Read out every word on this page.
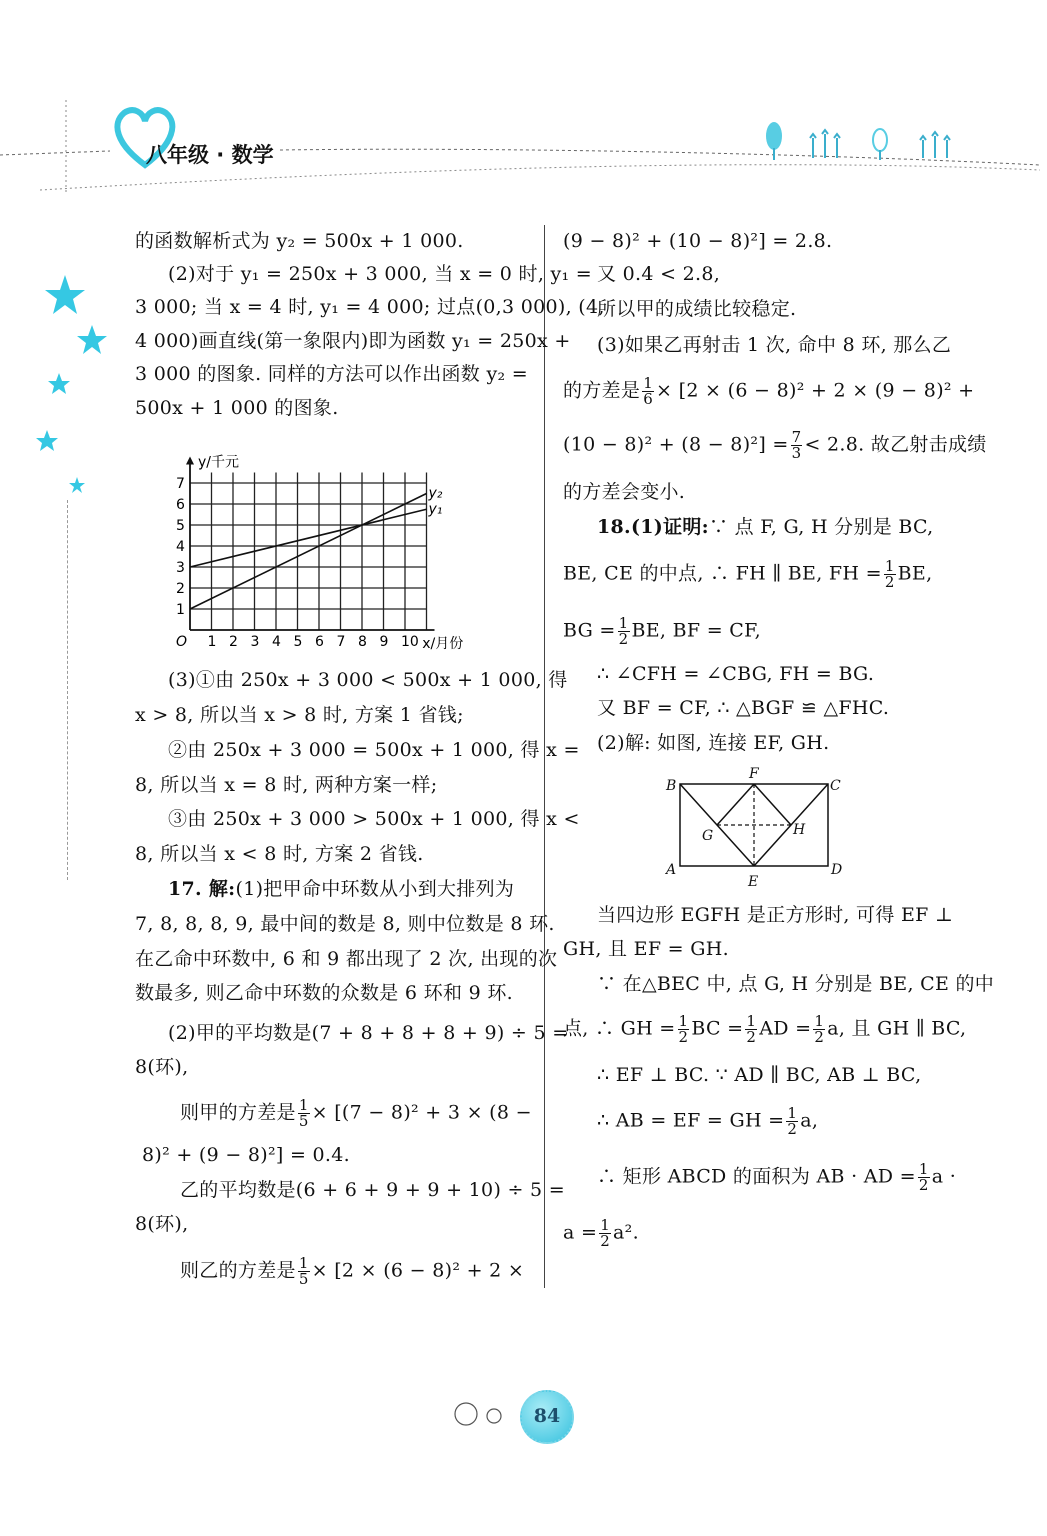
八年级 · 数学
的函数解析式为 y₂ = 500x + 1 000.
(2)对于 y₁ = 250x + 3 000, 当 x = 0 时, y₁ =
3 000; 当 x = 4 时, y₁ = 4 000; 过点(0,3 000), (4,
4 000)画直线(第一象限内)即为函数 y₁ = 250x +
3 000 的图象. 同样的方法可以作出函数 y₂ =
500x + 1 000 的图象.
1 2 3 4 5 6 7 8 9 10
1
2
3
4
5
6
7
O	x/月份
y/千元
y₁
y₂
(3)①由 250x + 3 000 < 500x + 1 000, 得
x > 8, 所以当 x > 8 时, 方案 1 省钱;
②由 250x + 3 000 = 500x + 1 000, 得 x =
8, 所以当 x = 8 时, 两种方案一样;
③由 250x + 3 000 > 500x + 1 000, 得 x <
8, 所以当 x < 8 时, 方案 2 省钱.
17. 解:(1)把甲命中环数从小到大排列为
7, 8, 8, 8, 9, 最中间的数是 8, 则中位数是 8 环.
在乙命中环数中, 6 和 9 都出现了 2 次, 出现的次
数最多, 则乙命中环数的众数是 6 环和 9 环.
(2)甲的平均数是(7 + 8 + 8 + 8 + 9) ÷ 5 =
8(环),
则甲的方差是 $\frac{1}{5} \times [(7 - 8)^2 + 3 \times (8$ −
8)² + (9 − 8)²] = 0.4.
乙的平均数是(6 + 6 + 9 + 9 + 10) ÷ 5 =
8(环),
则乙的方差是 $\frac{1}{5} \times [2 \times (6 - 8)^2 + 2$ ×
(9 − 8)² + (10 − 8)²] = 2.8.
又 0.4 < 2.8,
所以甲的成绩比较稳定.
(3)如果乙再射击 1 次, 命中 8 环, 那么乙
的方差是 $\frac{1}{6} \times [2 \times (6 - 8)^2 + 2 \times (9 - 8)^2$ +
$(10 - 8)^2 + (8 - 8)^2] = \frac{7}{3} < 2.8$. 故乙射击成绩
的方差会变小.
18.(1)证明:∵ 点 F, G, H 分别是 BC,
BE, CE 的中点, ∴ FH ∥ BE, FH = $\frac{1}{2}$ BE,
BG = $\frac{1}{2}$ BE, BF = CF,
∴ ∠CFH = ∠CBG, FH = BG.
又 BF = CF, ∴ △BGF ≌ △FHC.
(2)解: 如图, 连接 EF, GH.
A
B	C
D
E
F
G	H
当四边形 EGFH 是正方形时, 可得 EF ⊥
GH, 且 EF = GH.
∵ 在△BEC 中, 点 G, H 分别是 BE, CE 的中
点, ∴ GH = $\frac{1}{2}$ BC = $\frac{1}{2}$ AD = $\frac{1}{2} a$, 且 GH ∥ BC,
∴ EF ⊥ BC. ∵ AD ∥ BC, AB ⊥ BC,
∴ AB = EF = GH = $\frac{1}{2} a$,
∴ 矩形 ABCD 的面积为 AB · AD = $\frac{1}{2}$ a ·
$a = \frac{1}{2} a^2$.
84
